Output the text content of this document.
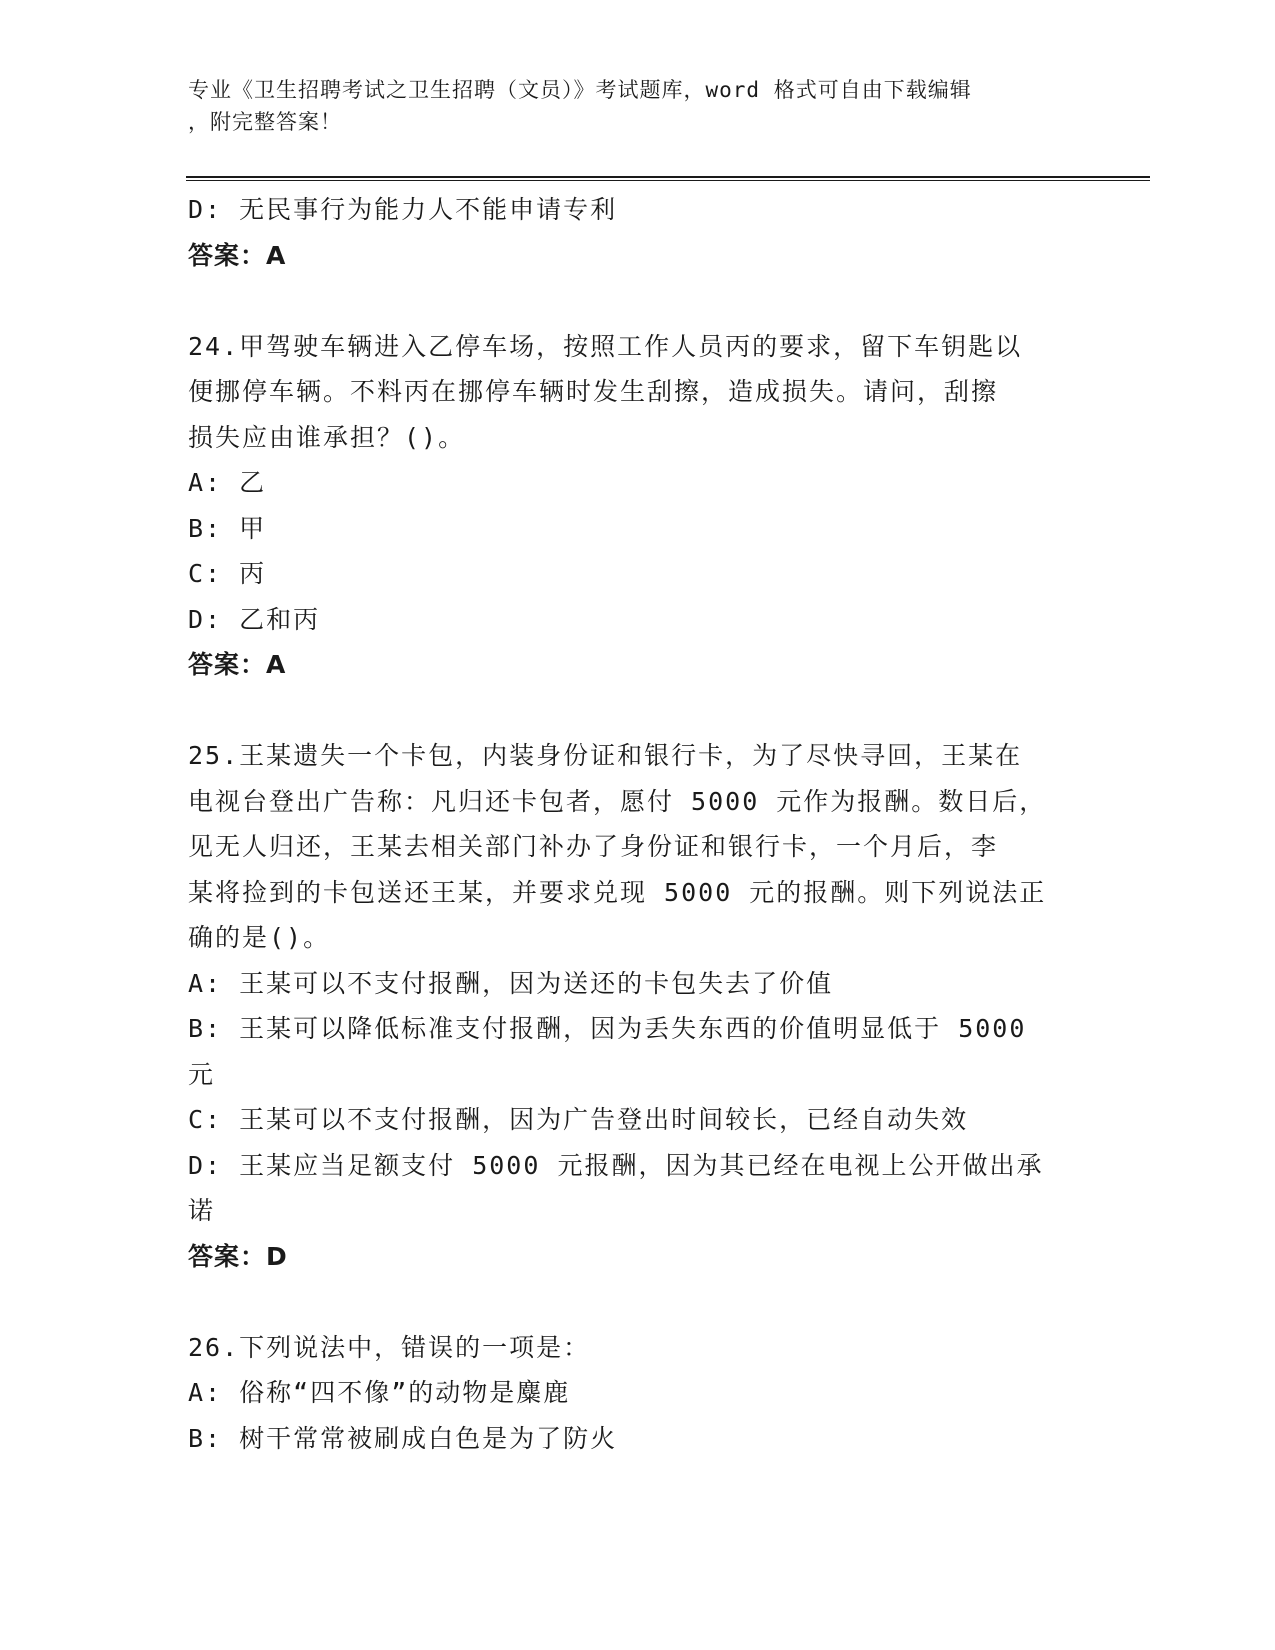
专业《卫生招聘考试之卫生招聘（文员）》考试题库，word 格式可自由下载编辑
，附完整答案！

D: 无民事行为能力人不能申请专利

答案：A

24.甲驾驶车辆进入乙停车场，按照工作人员丙的要求，留下车钥匙以

便挪停车辆。不料丙在挪停车辆时发生刮擦，造成损失。请问，刮擦

损失应由谁承担？()。

A: 乙

B: 甲

C: 丙

D: 乙和丙

答案：A

25.王某遗失一个卡包，内装身份证和银行卡，为了尽快寻回，王某在

电视台登出广告称：凡归还卡包者，愿付 5000 元作为报酬。数日后，

见无人归还，王某去相关部门补办了身份证和银行卡，一个月后，李

某将捡到的卡包送还王某，并要求兑现 5000 元的报酬。则下列说法正

确的是()。

A: 王某可以不支付报酬，因为送还的卡包失去了价值

B: 王某可以降低标准支付报酬，因为丢失东西的价值明显低于 5000

元

C: 王某可以不支付报酬，因为广告登出时间较长，已经自动失效

D: 王某应当足额支付 5000 元报酬，因为其已经在电视上公开做出承

诺

答案：D

26.下列说法中，错误的一项是：

A: 俗称“四不像”的动物是麋鹿

B: 树干常常被刷成白色是为了防火
